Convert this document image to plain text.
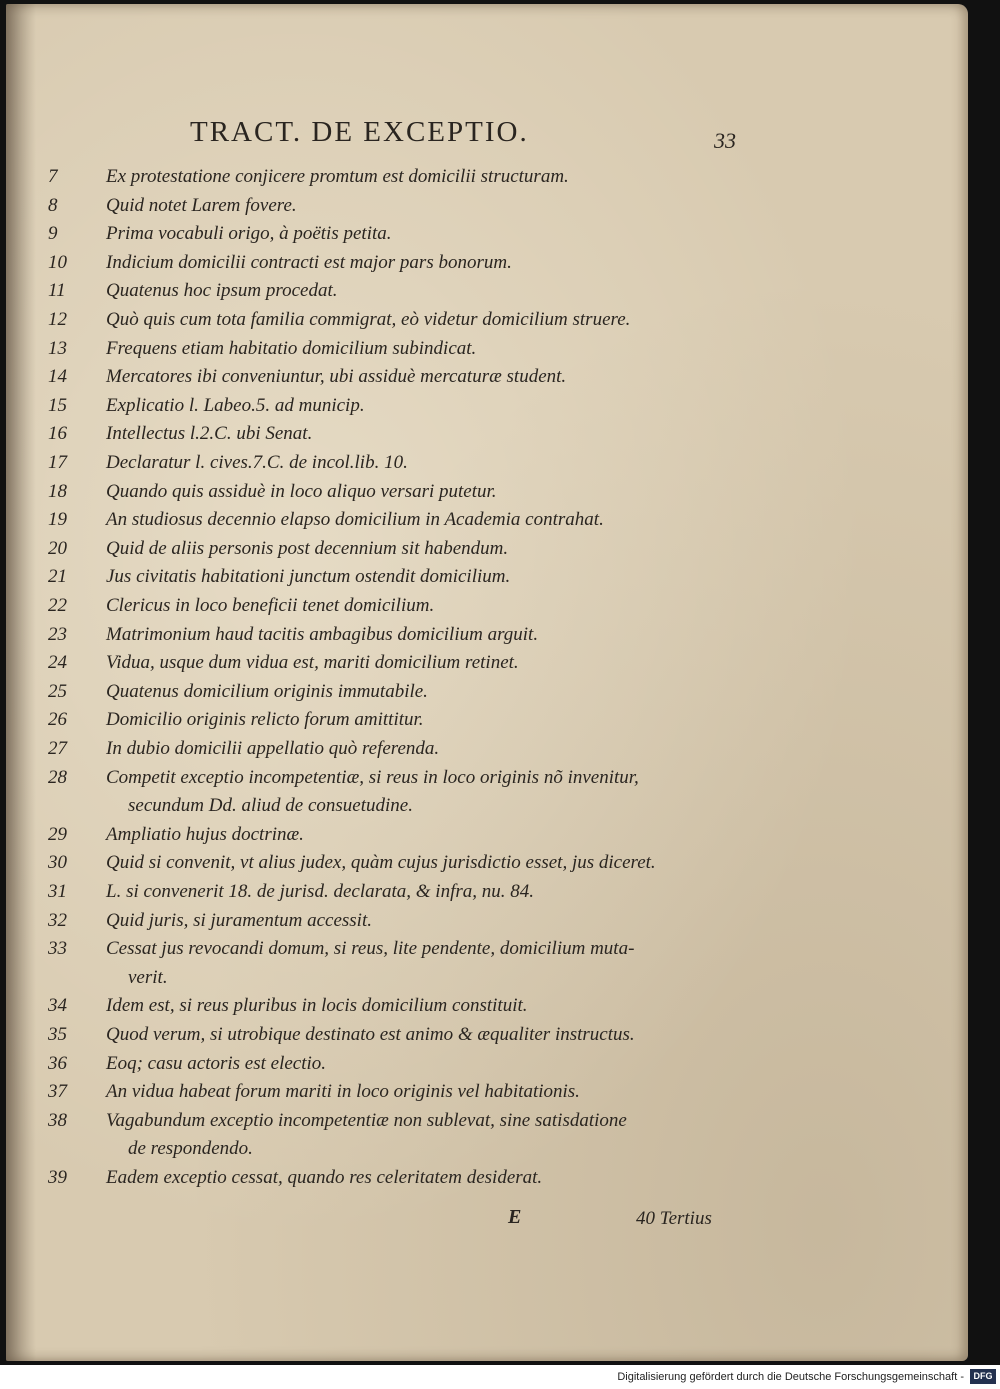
TRACT. DE EXCEPTIO.	33
7	Ex protestatione conjicere promtum est domicilii structuram.
8	Quid notet Larem fovere.
9	Prima vocabuli origo, à poëtis petita.
10	Indicium domicilii contracti est major pars bonorum.
11	Quatenus hoc ipsum procedat.
12	Quò quis cum tota familia commigrat, eò videtur domicilium struere.
13	Frequens etiam habitatio domicilium subindicat.
14	Mercatores ibi conveniuntur, ubi assiduè mercaturæ student.
15	Explicatio l. Labeo.5. ad municip.
16	Intellectus l.2.C. ubi Senat.
17	Declaratur l. cives.7.C. de incol.lib. 10.
18	Quando quis assiduè in loco aliquo versari putetur.
19	An studiosus decennio elapso domicilium in Academia contrahat.
20	Quid de aliis personis post decennium sit habendum.
21	Jus civitatis habitationi junctum ostendit domicilium.
22	Clericus in loco beneficii tenet domicilium.
23	Matrimonium haud tacitis ambagibus domicilium arguit.
24	Vidua, usque dum vidua est, mariti domicilium retinet.
25	Quatenus domicilium originis immutabile.
26	Domicilio originis relicto forum amittitur.
27	In dubio domicilii appellatio quò referenda.
28	Competit exceptio incompetentiæ, si reus in loco originis nõ invenitur,
secundum Dd. aliud de consuetudine.
29	Ampliatio hujus doctrinæ.
30	Quid si convenit, vt alius judex, quàm cujus jurisdictio esset, jus diceret.
31	L. si convenerit 18. de jurisd. declarata, & infra, nu. 84.
32	Quid juris, si juramentum accessit.
33	Cessat jus revocandi domum, si reus, lite pendente, domicilium muta-
verit.
34	Idem est, si reus pluribus in locis domicilium constituit.
35	Quod verum, si utrobique destinato est animo & æqualiter instructus.
36	Eoq; casu actoris est electio.
37	An vidua habeat forum mariti in loco originis vel habitationis.
38	Vagabundum exceptio incompetentiæ non sublevat, sine satisdatione
de respondendo.
39	Eadem exceptio cessat, quando res celeritatem desiderat.
E	40 Tertius
Digitalisierung gefördert durch die Deutsche Forschungsgemeinschaft -	DFG
